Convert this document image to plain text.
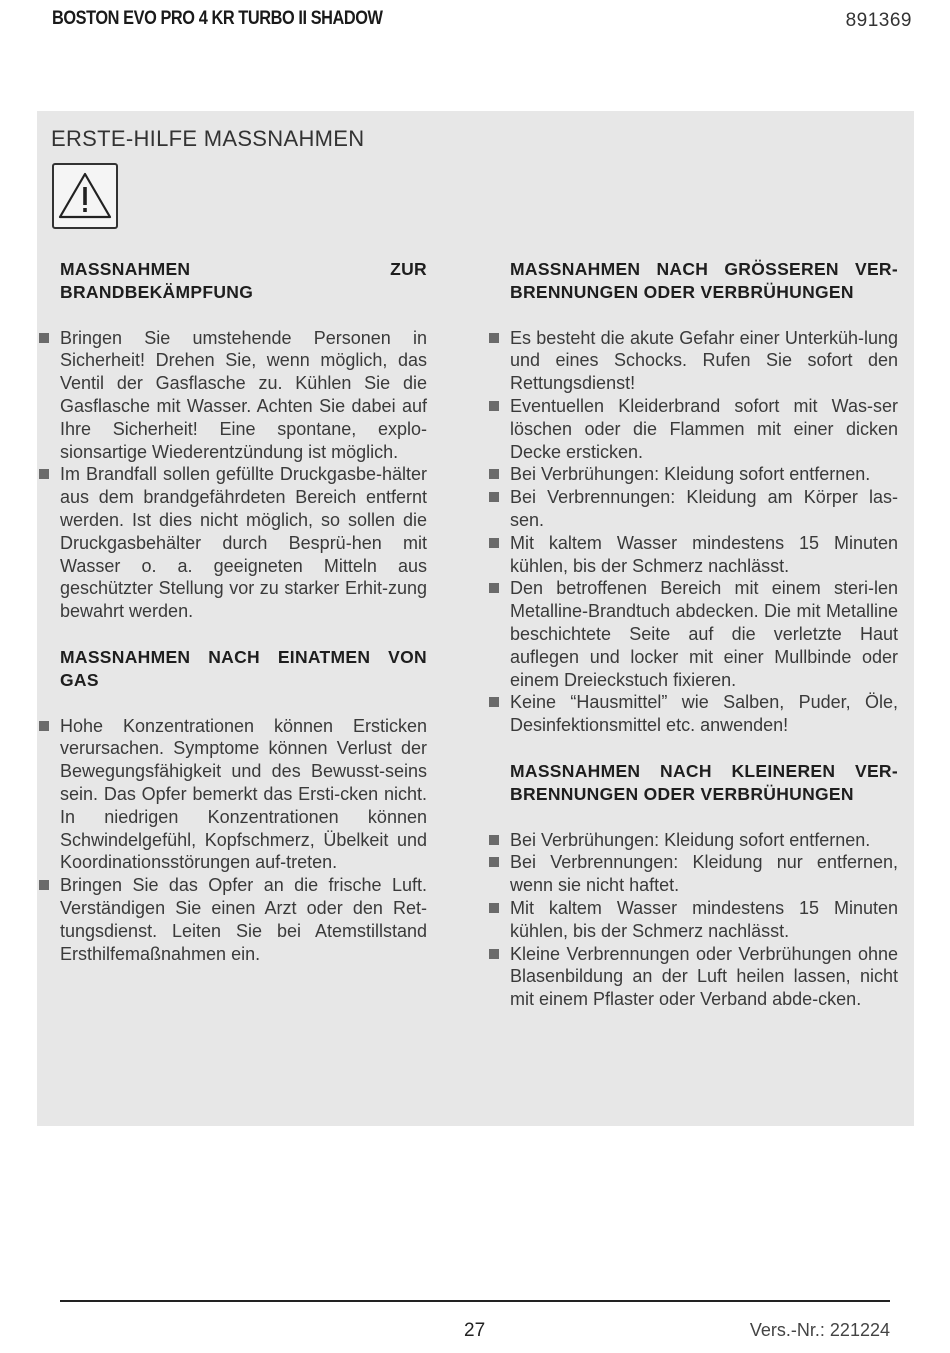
BOSTON EVO PRO 4 KR TURBO II SHADOW	891369
ERSTE-HILFE MASSNAHMEN
MASSNAHMEN ZUR BRANDBEKÄMPFUNG
Bringen Sie umstehende Personen in Sicherheit! Drehen Sie, wenn möglich, das Ventil der Gasflasche zu. Kühlen Sie die Gasflasche mit Wasser. Achten Sie dabei auf Ihre Sicherheit! Eine spontane, explo-sionsartige Wiederentzündung ist möglich.
Im Brandfall sollen gefüllte Druckgasbe-hälter aus dem brandgefährdeten Bereich entfernt werden. Ist dies nicht möglich, so sollen die Druckgasbehälter durch Besprü-hen mit Wasser o. a. geeigneten Mitteln aus geschützter Stellung vor zu starker Erhit-zung bewahrt werden.
MASSNAHMEN NACH EINATMEN VON GAS
Hohe Konzentrationen können Ersticken verursachen. Symptome können Verlust der Bewegungsfähigkeit und des Bewusst-seins sein. Das Opfer bemerkt das Ersti-cken nicht. In niedrigen Konzentrationen können Schwindelgefühl, Kopfschmerz, Übelkeit und Koordinationsstörungen auf-treten.
Bringen Sie das Opfer an die frische Luft. Verständigen Sie einen Arzt oder den Ret-tungsdienst. Leiten Sie bei Atemstillstand Ersthilfemaßnahmen ein.
MASSNAHMEN NACH GRÖSSEREN VER-BRENNUNGEN ODER VERBRÜHUNGEN
Es besteht die akute Gefahr einer Unterküh-lung und eines Schocks. Rufen Sie sofort den Rettungsdienst!
Eventuellen Kleiderbrand sofort mit Was-ser löschen oder die Flammen mit einer dicken Decke ersticken.
Bei Verbrühungen: Kleidung sofort entfernen.
Bei Verbrennungen: Kleidung am Körper las-sen.
Mit kaltem Wasser mindestens 15 Minuten kühlen, bis der Schmerz nachlässt.
Den betroffenen Bereich mit einem steri-len Metalline-Brandtuch abdecken. Die mit Metalline beschichtete Seite auf die verletzte Haut auflegen und locker mit einer Mullbinde oder einem Dreieckstuch fixieren.
Keine “Hausmittel” wie Salben, Puder, Öle, Desinfektionsmittel etc. anwenden!
MASSNAHMEN NACH KLEINEREN VER-BRENNUNGEN ODER VERBRÜHUNGEN
Bei Verbrühungen: Kleidung sofort entfernen.
Bei Verbrennungen: Kleidung nur entfernen, wenn sie nicht haftet.
Mit kaltem Wasser mindestens 15 Minuten kühlen, bis der Schmerz nachlässt.
Kleine Verbrennungen oder Verbrühungen ohne Blasenbildung an der Luft heilen lassen, nicht mit einem Pflaster oder Verband abde-cken.
27	Vers.-Nr.: 221224
